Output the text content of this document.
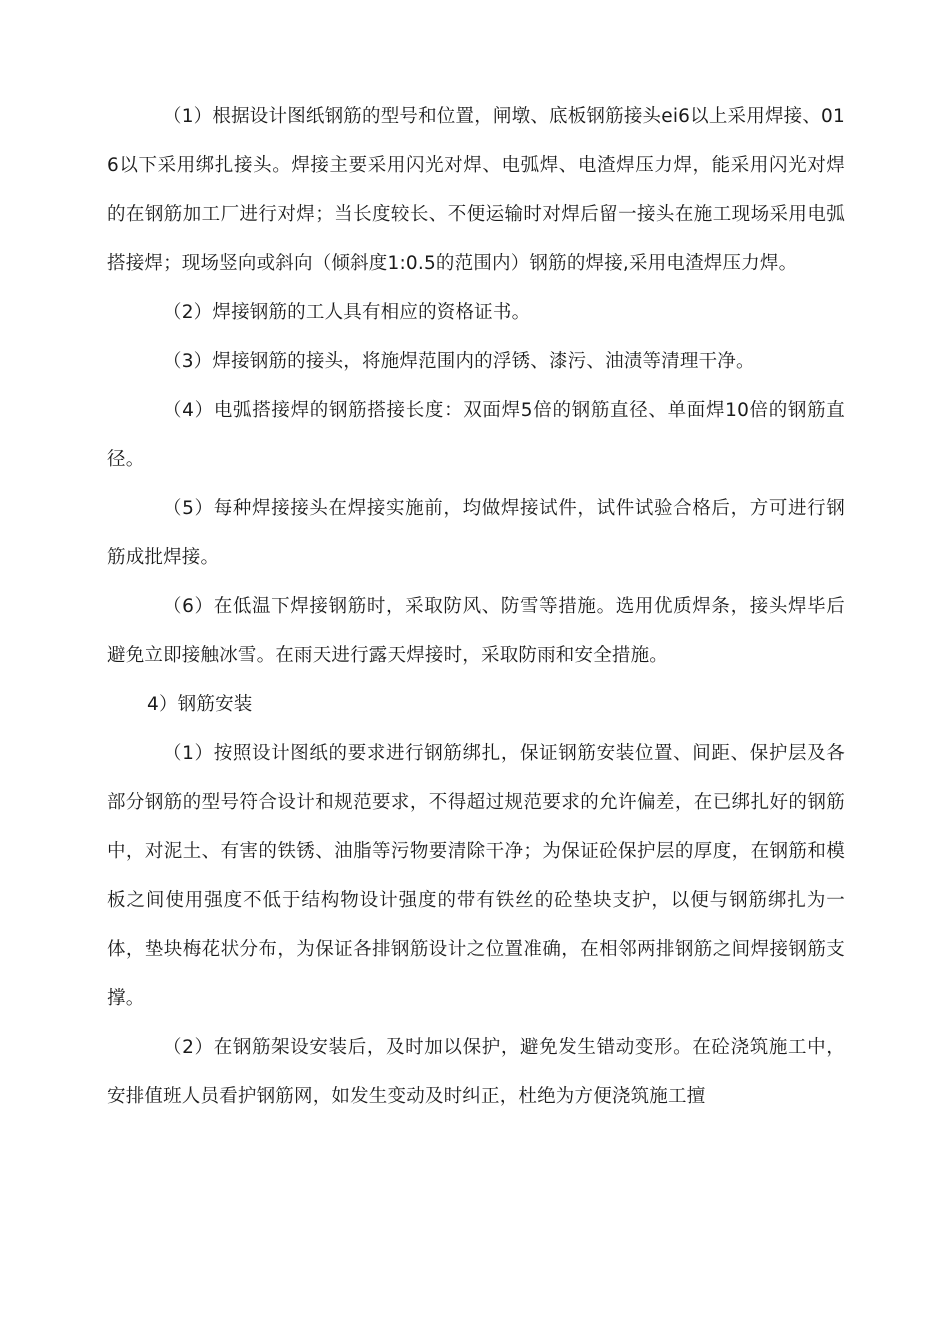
（1）根据设计图纸钢筋的型号和位置，闸墩、底板钢筋接头ei6以上采用焊接、016以下采用绑扎接头。焊接主要采用闪光对焊、电弧焊、电渣焊压力焊，能采用闪光对焊的在钢筋加工厂进行对焊；当长度较长、不便运输时对焊后留一接头在施工现场采用电弧搭接焊；现场竖向或斜向（倾斜度1:0.5的范围内）钢筋的焊接,采用电渣焊压力焊。

（2）焊接钢筋的工人具有相应的资格证书。

（3）焊接钢筋的接头，将施焊范围内的浮锈、漆污、油渍等清理干净。

（4）电弧搭接焊的钢筋搭接长度：双面焊5倍的钢筋直径、单面焊10倍的钢筋直径。

（5）每种焊接接头在焊接实施前，均做焊接试件，试件试验合格后，方可进行钢筋成批焊接。

（6）在低温下焊接钢筋时，采取防风、防雪等措施。选用优质焊条，接头焊毕后避免立即接触冰雪。在雨天进行露天焊接时，采取防雨和安全措施。

4）钢筋安装

（1）按照设计图纸的要求进行钢筋绑扎，保证钢筋安装位置、间距、保护层及各部分钢筋的型号符合设计和规范要求，不得超过规范要求的允许偏差，在已绑扎好的钢筋中，对泥土、有害的铁锈、油脂等污物要清除干净；为保证砼保护层的厚度，在钢筋和模板之间使用强度不低于结构物设计强度的带有铁丝的砼垫块支护，以便与钢筋绑扎为一体，垫块梅花状分布，为保证各排钢筋设计之位置准确，在相邻两排钢筋之间焊接钢筋支撑。

（2）在钢筋架设安装后，及时加以保护，避免发生错动变形。在砼浇筑施工中，安排值班人员看护钢筋网，如发生变动及时纠正，杜绝为方便浇筑施工擅
